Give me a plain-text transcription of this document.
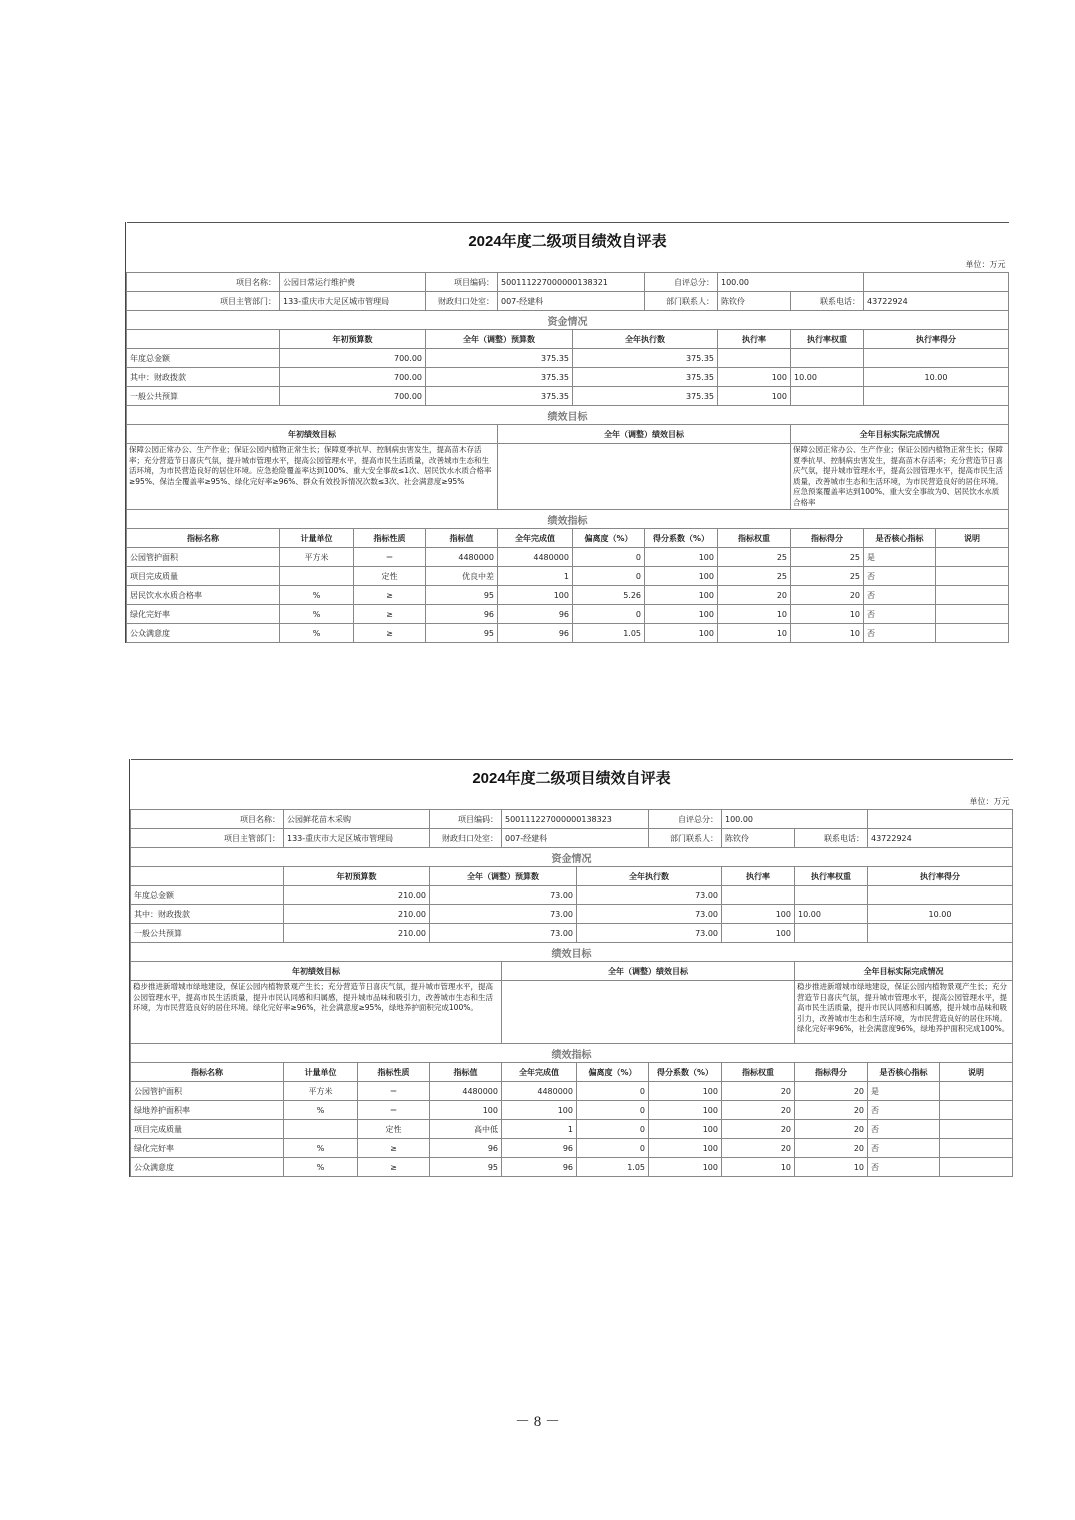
2024年度二级项目绩效自评表										
单位：万元										
项目名称：	公园日常运行维护费		项目编码：	500111227000000138321		自评总分：	100.00			
项目主管部门：	133-重庆市大足区城市管理局		财政归口处室：	007-经建科		部门联系人：	陈钦伶	联系电话：	43722924	
资金情况										
	年初预算数		全年（调整）预算数		全年执行数		执行率	执行率权重	执行率得分	
年度总金额	700.00		375.35		375.35					
其中：财政拨款	700.00		375.35		375.35		100	10.00	10.00	
一般公共预算	700.00		375.35		375.35		100			
绩效目标										
年初绩效目标				全年（调整）绩效目标				全年目标实际完成情况		
保障公园正常办公、生产作业；保证公园内植物正常生长；保障夏季抗旱、控制病虫害发生，提高苗木存活率；充分营造节日喜庆气氛，提升城市管理水平，提高公园管理水平，提高市民生活质量，改善城市生态和生活环境，为市民营造良好的居住环境。应急抢险覆盖率达到100%、重大安全事故≤1次、居民饮水水质合格率≥95%、保洁全覆盖率≥95%、绿化完好率≥96%、群众有效投诉情况次数≤3次、社会满意度≥95%								保障公园正常办公、生产作业；保证公园内植物正常生长；保障夏季抗旱、控制病虫害发生，提高苗木存活率；充分营造节日喜庆气氛，提升城市管理水平，提高公园管理水平，提高市民生活质量，改善城市生态和生活环境，为市民营造良好的居住环境。应急预案覆盖率达到100%、重大安全事故为0、居民饮水水质合格率		
绩效指标										
指标名称	计量单位	指标性质	指标值	全年完成值	偏离度（%）	得分系数（%）	指标权重	指标得分	是否核心指标	说明
公园管护面积	平方米	＝	4480000	4480000	0	100	25	25	是	
项目完成质量		定性	优良中差	1	0	100	25	25	否	
居民饮水水质合格率	%	≥	95	100	5.26	100	20	20	否	
绿化完好率	%	≥	96	96	0	100	10	10	否	
公众满意度	%	≥	95	96	1.05	100	10	10	否	
2024年度二级项目绩效自评表										
单位：万元										
项目名称：	公园鲜花苗木采购		项目编码：	500111227000000138323		自评总分：	100.00			
项目主管部门：	133-重庆市大足区城市管理局		财政归口处室：	007-经建科		部门联系人：	陈钦伶	联系电话：	43722924	
资金情况										
	年初预算数		全年（调整）预算数		全年执行数		执行率	执行率权重	执行率得分	
年度总金额	210.00		73.00		73.00					
其中：财政拨款	210.00		73.00		73.00		100	10.00	10.00	
一般公共预算	210.00		73.00		73.00		100			
绩效目标										
年初绩效目标				全年（调整）绩效目标				全年目标实际完成情况		
稳步推进新增城市绿地建设，保证公园内植物景观产生长；充分营造节日喜庆气氛，提升城市管理水平，提高公园管理水平，提高市民生活质量，提升市民认同感和归属感，提升城市品味和吸引力，改善城市生态和生活环境，为市民营造良好的居住环境。绿化完好率≥96%，社会满意度≥95%，绿地养护面积完成100%。								稳步推进新增城市绿地建设，保证公园内植物景观产生长；充分营造节日喜庆气氛，提升城市管理水平，提高公园管理水平，提高市民生活质量，提升市民认同感和归属感，提升城市品味和吸引力，改善城市生态和生活环境，为市民营造良好的居住环境。绿化完好率96%，社会满意度96%，绿地养护面积完成100%。		
绩效指标										
指标名称	计量单位	指标性质	指标值	全年完成值	偏离度（%）	得分系数（%）	指标权重	指标得分	是否核心指标	说明
公园管护面积	平方米	＝	4480000	4480000	0	100	20	20	是	
绿地养护面积率	%	＝	100	100	0	100	20	20	否	
项目完成质量		定性	高中低	1	0	100	20	20	否	
绿化完好率	%	≥	96	96	0	100	20	20	否	
公众满意度	%	≥	95	96	1.05	100	10	10	否	
－ 8 －
